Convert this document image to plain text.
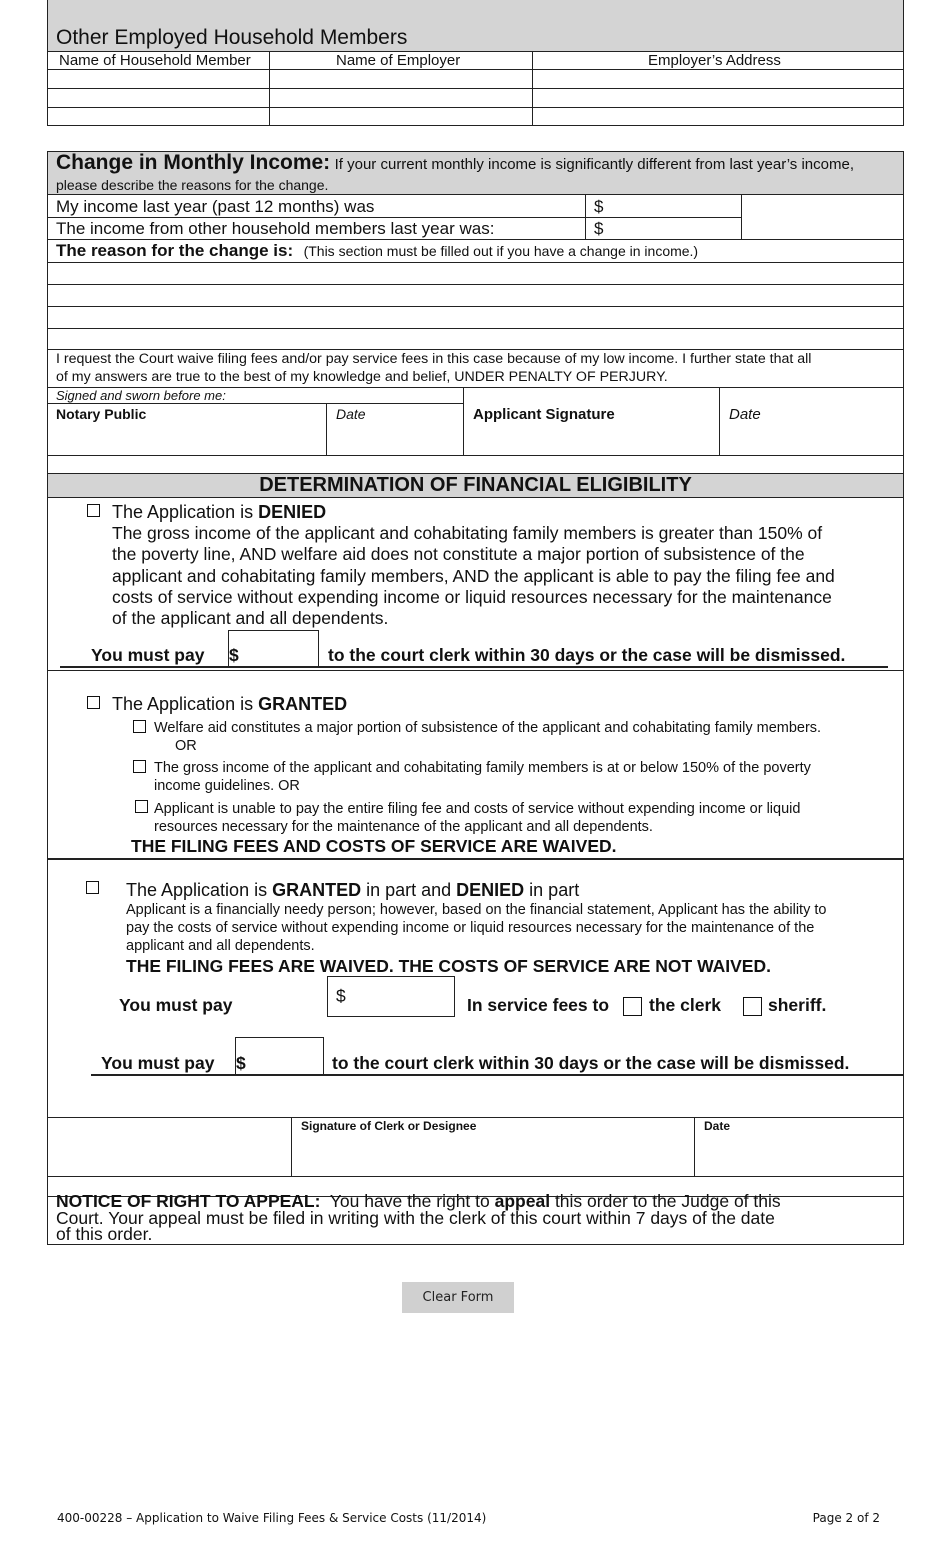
Other Employed Household Members
Name of Household Member	Name of Employer	Employer’s Address
Change in Monthly Income: If your current monthly income is significantly different from last year’s income,
please describe the reasons for the change.
My income last year (past 12 months) was	$
The income from other household members last year was:	$
The reason for the change is: (This section must be filled out if you have a change in income.)
I request the Court waive filing fees and/or pay service fees in this case because of my low income. I further state that all
of my answers are true to the best of my knowledge and belief, UNDER PENALTY OF PERJURY.
Signed and sworn before me:
Notary Public	Date	Applicant Signature	Date
DETERMINATION OF FINANCIAL ELIGIBILITY
The Application is DENIED
The gross income of the applicant and cohabitating family members is greater than 150% of
the poverty line, AND welfare aid does not constitute a major portion of subsistence of the
applicant and cohabitating family members, AND the applicant is able to pay the filing fee and
costs of service without expending income or liquid resources necessary for the maintenance
of the applicant and all dependents.
You must pay $	to the court clerk within 30 days or the case will be dismissed.
The Application is GRANTED
Welfare aid constitutes a major portion of subsistence of the applicant and cohabitating family members.
OR
The gross income of the applicant and cohabitating family members is at or below 150% of the poverty
income guidelines. OR
Applicant is unable to pay the entire filing fee and costs of service without expending income or liquid
resources necessary for the maintenance of the applicant and all dependents.
THE FILING FEES AND COSTS OF SERVICE ARE WAIVED.
The Application is GRANTED in part and DENIED in part
Applicant is a financially needy person; however, based on the financial statement, Applicant has the ability to
pay the costs of service without expending income or liquid resources necessary for the maintenance of the
applicant and all dependents.
THE FILING FEES ARE WAIVED. THE COSTS OF SERVICE ARE NOT WAIVED.
You must pay	$	In service fees to the clerk	sheriff.
You must pay $	to the court clerk within 30 days or the case will be dismissed.
Signature of Clerk or Designee	Date
NOTICE OF RIGHT TO APPEAL:  You have the right to appeal this order to the Judge of this
Court. Your appeal must be filed in writing with the clerk of this court within 7 days of the date
of this order.
Clear Form
400-00228 – Application to Waive Filing Fees & Service Costs (11/2014)	Page 2 of 2
